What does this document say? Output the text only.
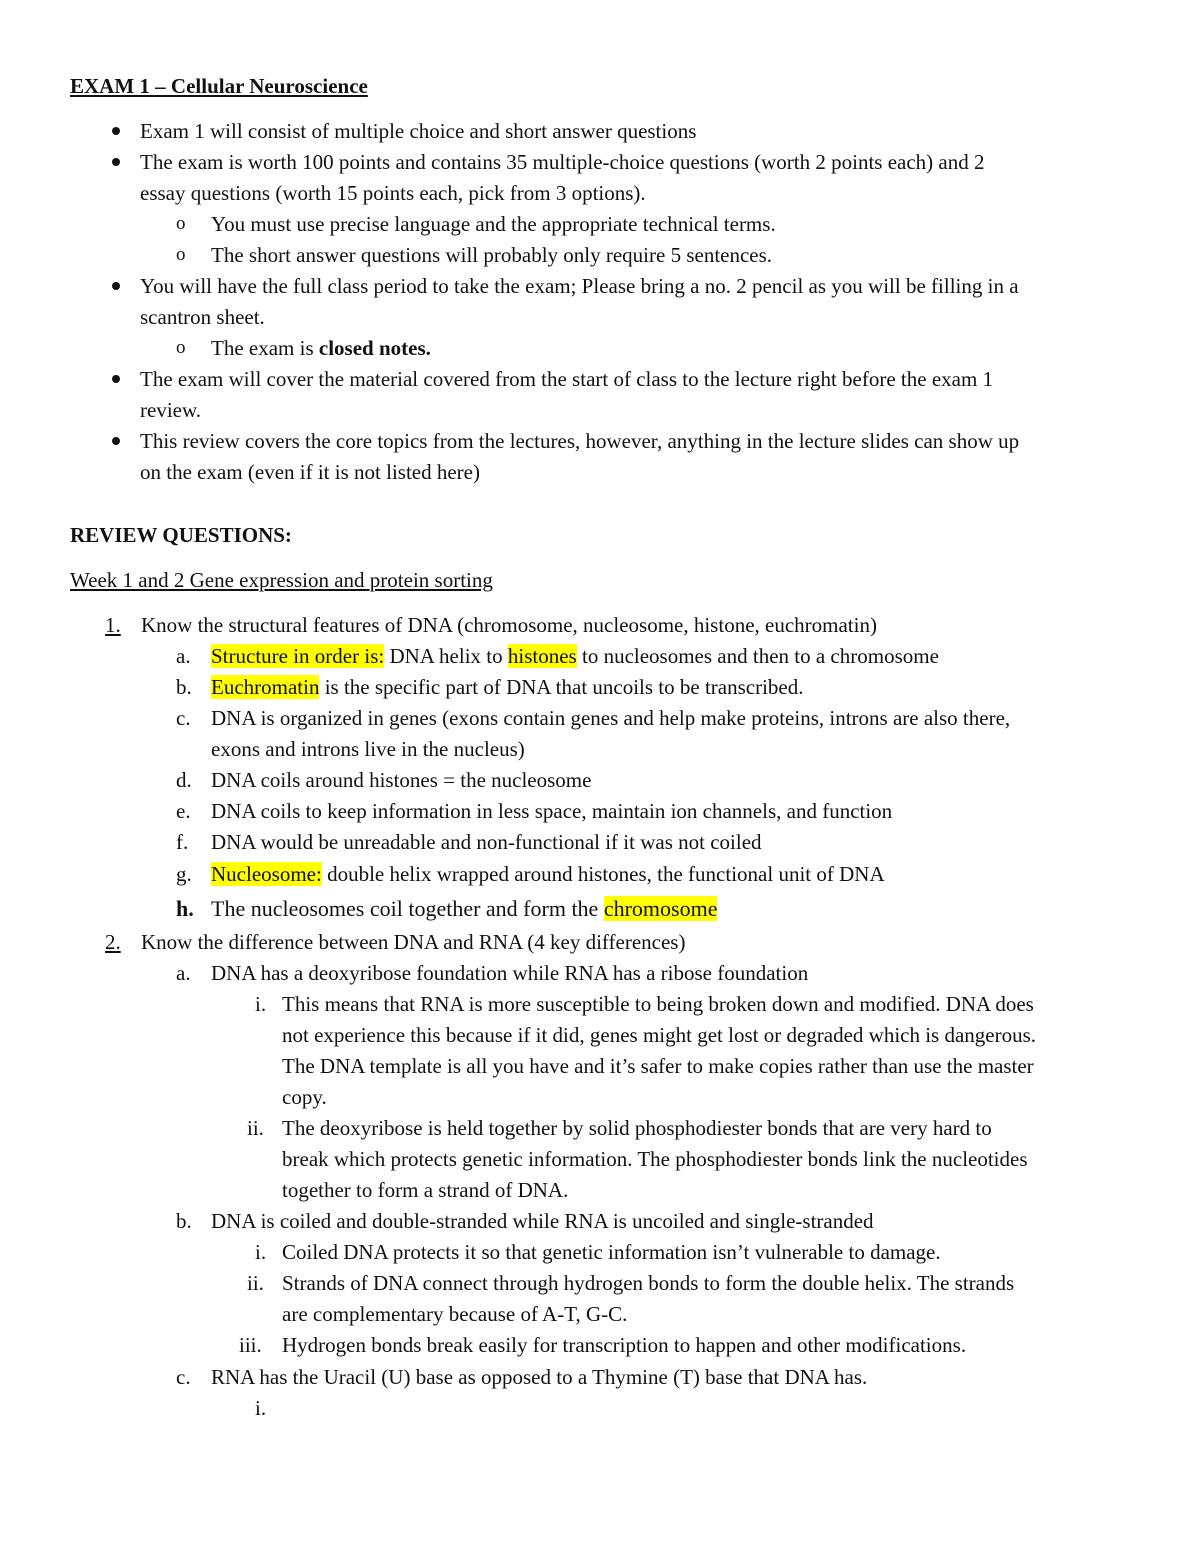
EXAM 1 – Cellular Neuroscience
Exam 1 will consist of multiple choice and short answer questions
The exam is worth 100 points and contains 35 multiple-choice questions (worth 2 points each) and 2
essay questions (worth 15 points each, pick from 3 options).
o You must use precise language and the appropriate technical terms.
o The short answer questions will probably only require 5 sentences.
You will have the full class period to take the exam; Please bring a no. 2 pencil as you will be filling in a
scantron sheet.
o The exam is closed notes.
The exam will cover the material covered from the start of class to the lecture right before the exam 1
review.
This review covers the core topics from the lectures, however, anything in the lecture slides can show up
on the exam (even if it is not listed here)
REVIEW QUESTIONS:
Week 1 and 2 Gene expression and protein sorting
1. Know the structural features of DNA (chromosome, nucleosome, histone, euchromatin)
a. Structure in order is: DNA helix to histones to nucleosomes and then to a chromosome
b. Euchromatin is the specific part of DNA that uncoils to be transcribed.
c. DNA is organized in genes (exons contain genes and help make proteins, introns are also there,
exons and introns live in the nucleus)
d. DNA coils around histones = the nucleosome
e. DNA coils to keep information in less space, maintain ion channels, and function
f. DNA would be unreadable and non-functional if it was not coiled
g. Nucleosome: double helix wrapped around histones, the functional unit of DNA
h. The nucleosomes coil together and form the chromosome
2. Know the difference between DNA and RNA (4 key differences)
a. DNA has a deoxyribose foundation while RNA has a ribose foundation
i. This means that RNA is more susceptible to being broken down and modified. DNA does
not experience this because if it did, genes might get lost or degraded which is dangerous.
The DNA template is all you have and it’s safer to make copies rather than use the master
copy.
ii. The deoxyribose is held together by solid phosphodiester bonds that are very hard to
break which protects genetic information. The phosphodiester bonds link the nucleotides
together to form a strand of DNA.
b. DNA is coiled and double-stranded while RNA is uncoiled and single-stranded
i. Coiled DNA protects it so that genetic information isn’t vulnerable to damage.
ii. Strands of DNA connect through hydrogen bonds to form the double helix. The strands
are complementary because of A-T, G-C.
iii. Hydrogen bonds break easily for transcription to happen and other modifications.
c. RNA has the Uracil (U) base as opposed to a Thymine (T) base that DNA has.
i.
